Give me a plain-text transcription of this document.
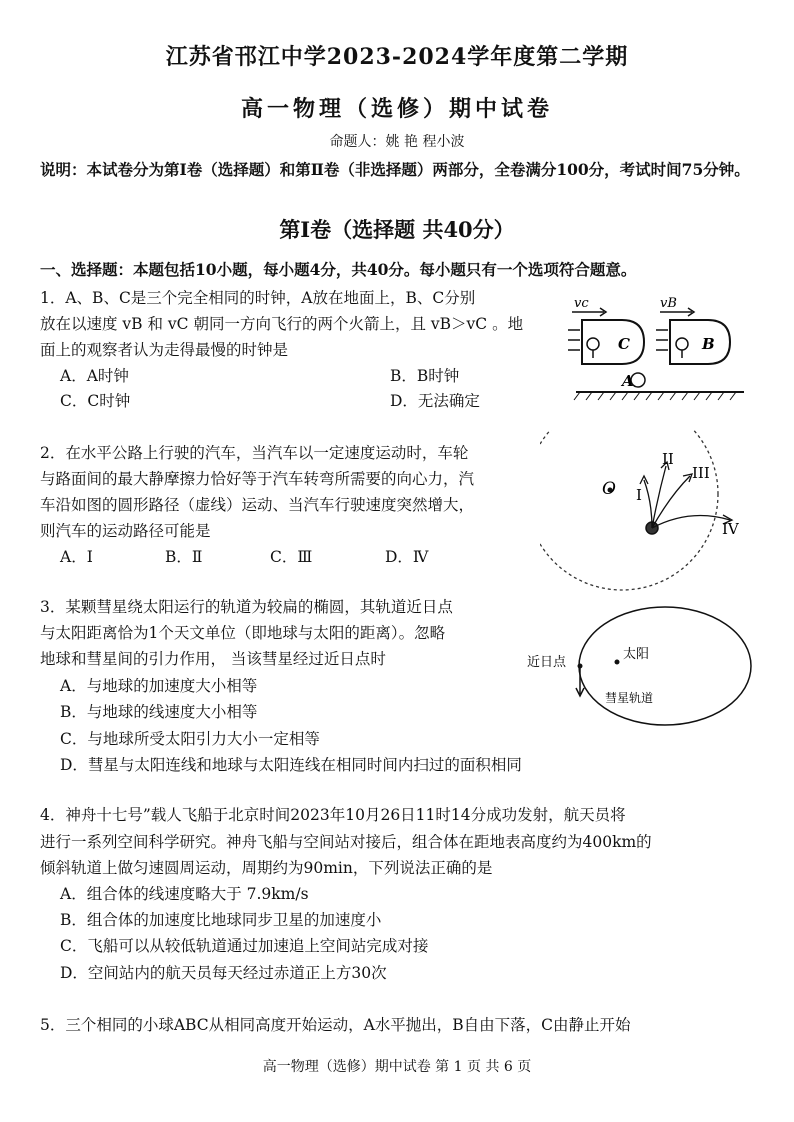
江苏省邗江中学2023-2024学年度第二学期
高一物理（选修）期中试卷
命题人：姚 艳 程小波
说明：本试卷分为第Ⅰ卷（选择题）和第Ⅱ卷（非选择题）两部分，全卷满分100分，考试时间75分钟。
第Ⅰ卷（选择题 共40分）
一、选择题：本题包括10小题，每小题4分，共40分。每小题只有一个选项符合题意。
1．A、B、C是三个完全相同的时钟，A放在地面上，B、C分别
放在以速度 vB 和 vC 朝同一方向飞行的两个火箭上，且 vB＞vC 。地
面上的观察者认为走得最慢的时钟是
A．A时钟	B．B时钟
C．C时钟	D．无法确定
vc	vB
C	B
A
2．在水平公路上行驶的汽车，当汽车以一定速度运动时，车轮
与路面间的最大静摩擦力恰好等于汽车转弯所需要的向心力，汽
车沿如图的圆形路径（虚线）运动、当汽车行驶速度突然增大，
则汽车的运动路径可能是
A．Ⅰ	B．Ⅱ	C．Ⅲ	D．Ⅳ
O I
II
III
IV
3．某颗彗星绕太阳运行的轨道为较扁的椭圆，其轨道近日点
与太阳距离恰为1个天文单位（即地球与太阳的距离）。忽略
地球和彗星间的引力作用， 当该彗星经过近日点时
A．与地球的加速度大小相等
B．与地球的线速度大小相等
C．与地球所受太阳引力大小一定相等
D．彗星与太阳连线和地球与太阳连线在相同时间内扫过的面积相同
近日点
太阳
彗星轨道
4．神舟十七号”载人飞船于北京时间2023年10月26日11时14分成功发射，航天员将
进行一系列空间科学研究。神舟飞船与空间站对接后，组合体在距地表高度约为400km的
倾斜轨道上做匀速圆周运动，周期约为90min，下列说法正确的是
A．组合体的线速度略大于 7.9km/s
B．组合体的加速度比地球同步卫星的加速度小
C．飞船可以从较低轨道通过加速追上空间站完成对接
D．空间站内的航天员每天经过赤道正上方30次
5．三个相同的小球ABC从相同高度开始运动，A水平抛出，B自由下落，C由静止开始
高一物理（选修）期中试卷 第 1 页 共 6 页
